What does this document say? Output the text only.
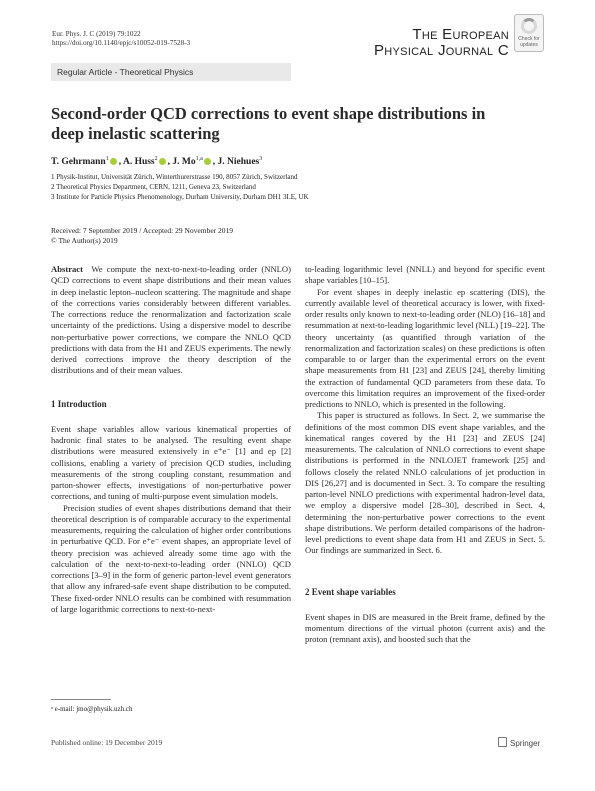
Eur. Phys. J. C (2019) 79:1022
https://doi.org/10.1140/epjc/s10052-019-7528-3	The European
Physical Journal C
Check for updates
Regular Article - Theoretical Physics
Second-order QCD corrections to event shape distributions in deep inelastic scattering
T. Gehrmann$^1$ , A. Huss$^2$ , J. Mo$^{1,a}$ , J. Niehues$^3$
1 Physik-Institut, Universität Zürich, Winterthurerstrasse 190, 8057 Zürich, Switzerland
2 Theoretical Physics Department, CERN, 1211, Geneva 23, Switzerland
3 Institute for Particle Physics Phenomenology, Durham University, Durham DH1 3LE, UK
Received: 7 September 2019 / Accepted: 29 November 2019
© The Author(s) 2019
Abstract We compute the next-to-next-to-leading order (NNLO) QCD corrections to event shape distributions and their mean values in deep inelastic lepton–nucleon scattering. The magnitude and shape of the corrections varies considerably between different variables. The corrections reduce the renormalization and factorization scale uncertainty of the predictions. Using a dispersive model to describe non-perturbative power corrections, we compare the NNLO QCD predictions with data from the H1 and ZEUS experiments. The newly derived corrections improve the theory description of the distributions and of their mean values.
1 Introduction

Event shape variables allow various kinematical properties of hadronic final states to be analysed. The resulting event shape distributions were measured extensively in e⁺e⁻ [1] and ep [2] collisions, enabling a variety of precision QCD studies, including measurements of the strong coupling constant, resummation and parton-shower effects, investigations of non-perturbative power corrections, and tuning of multi-purpose event simulation models.

Precision studies of event shapes distributions demand that their theoretical description is of comparable accuracy to the experimental measurements, requiring the calculation of higher order contributions in perturbative QCD. For e⁺e⁻ event shapes, an appropriate level of theory precision was achieved already some time ago with the calculation of the next-to-next-to-leading order (NNLO) QCD corrections [3–9] in the form of generic parton-level event generators that allow any infrared-safe event shape distribution to be computed. These fixed-order NNLO results can be combined with resummation of large logarithmic corrections to next-to-next-

to-leading logarithmic level (NNLL) and beyond for specific event shape variables [10–15].

For event shapes in deeply inelastic ep scattering (DIS), the currently available level of theoretical accuracy is lower, with fixed-order results only known to next-to-leading order (NLO) [16–18] and resummation at next-to-leading logarithmic level (NLL) [19–22]. The theory uncertainty (as quantified through variation of the renormalization and factorization scales) on these predictions is often comparable to or larger than the experimental errors on the event shape measurements from H1 [23] and ZEUS [24], thereby limiting the extraction of fundamental QCD parameters from these data. To overcome this limitation requires an improvement of the fixed-order predictions to NNLO, which is presented in the following.

This paper is structured as follows. In Sect. 2, we summarise the definitions of the most common DIS event shape variables, and the kinematical ranges covered by the H1 [23] and ZEUS [24] measurements. The calculation of NNLO corrections to event shape distributions is performed in the NNLOJET framework [25] and follows closely the related NNLO calculations of jet production in DIS [26,27] and is documented in Sect. 3. To compare the resulting parton-level NNLO predictions with experimental hadron-level data, we employ a dispersive model [28–30], described in Sect. 4, determining the non-perturbative power corrections to the event shape distributions. We perform detailed comparisons of the hadron-level predictions to event shape data from H1 and ZEUS in Sect. 5. Our findings are summarized in Sect. 6.

2 Event shape variables

Event shapes in DIS are measured in the Breit frame, defined by the momentum directions of the virtual photon (current axis) and the proton (remnant axis), and boosted such that the

ᵃ e-mail: jmo@physik.uzh.ch
Published online: 19 December 2019	Springer
